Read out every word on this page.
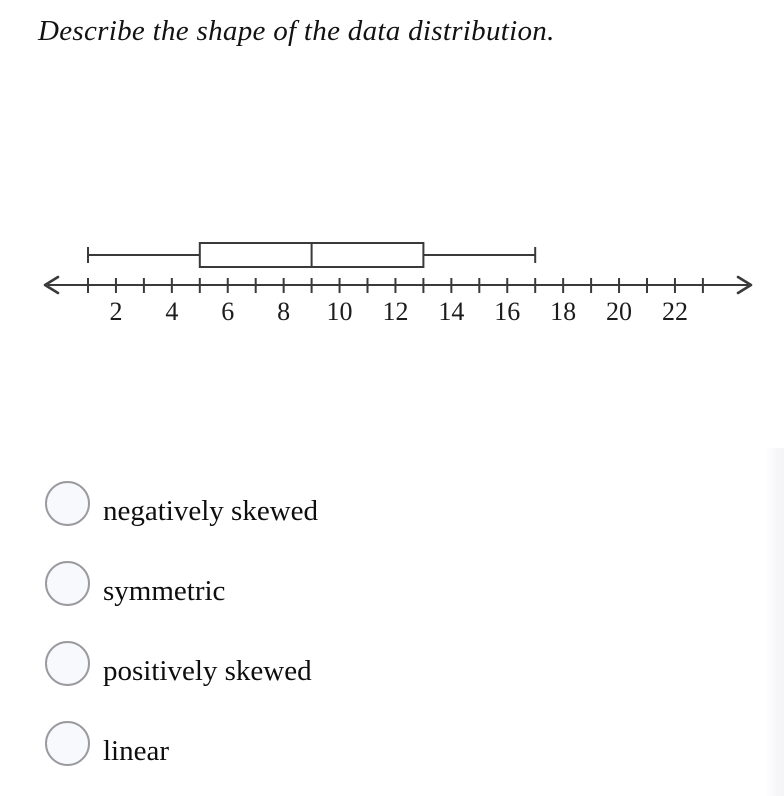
Describe the shape of the data distribution.
2 4 6 8 10 12 14 16 18 20 22
negatively skewed
symmetric
positively skewed
linear
